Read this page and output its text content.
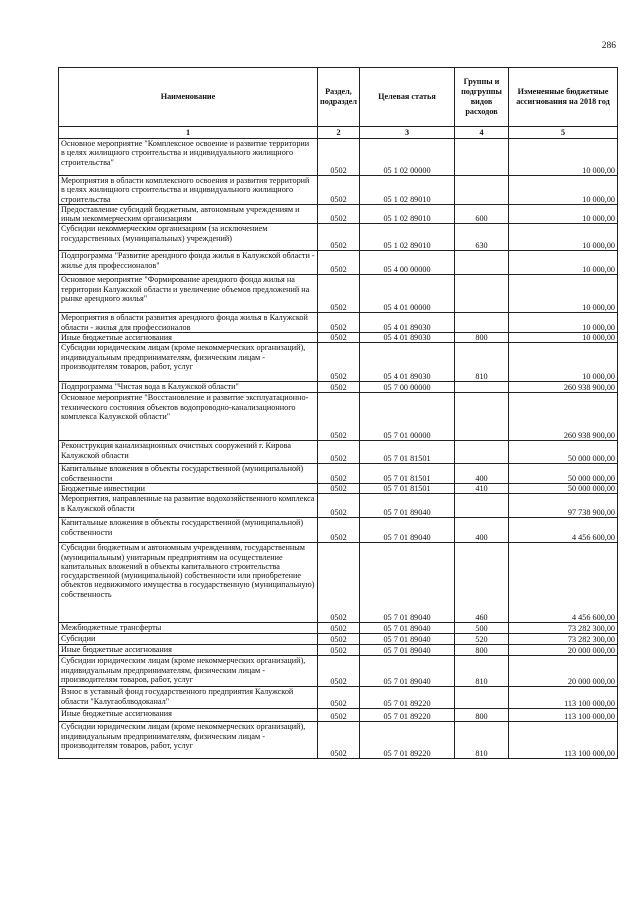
286
Наименование	Раздел, подраздел	Целевая статья	Группы и подгруппы видов расходов	Измененные бюджетные ассигнования на 2018 год
1	2	3	4	5
Основное мероприятие "Комплексное освоение и развитие территории в целях жилищного строительства и индивидуального жилищного строительства"	0502	05 1 02 00000		10 000,00
Мероприятия в области комплексного освоения и развития территорий в целях жилищного строительства и индивидуального жилищного строительства	0502	05 1 02 89010		10 000,00
Предоставление субсидий бюджетным, автономным учреждениям и иным некоммерческим организациям	0502	05 1 02 89010	600	10 000,00
Субсидии некоммерческим организациям (за исключением государственных (муниципальных) учреждений)	0502	05 1 02 89010	630	10 000,00
Подпрограмма "Развитие арендного фонда жилья в Калужской области - жилье для профессионалов"	0502	05 4 00 00000		10 000,00
Основное мероприятие "Формирование арендного фонда жилья на территории Калужской области и увеличение объемов предложений на рынке арендного жилья"	0502	05 4 01 00000		10 000,00
Мероприятия в области развития арендного фонда жилья в Калужской области - жилья для профессионалов	0502	05 4 01 89030		10 000,00
Иные бюджетные ассигнования	0502	05 4 01 89030	800	10 000,00
Субсидии юридическим лицам (кроме некоммерческих организаций), индивидуальным предпринимателям, физическим лицам - производителям товаров, работ, услуг	0502	05 4 01 89030	810	10 000,00
Подпрограмма "Чистая вода в Калужской области"	0502	05 7 00 00000		260 938 900,00
Основное мероприятие "Восстановление и развитие эксплуатационно-технического состояния объектов водопроводно-канализационного комплекса Калужской области"	0502	05 7 01 00000		260 938 900,00
Реконструкция канализационных очистных сооружений г. Кирова Калужской области	0502	05 7 01 81501		50 000 000,00
Капитальные вложения в объекты государственной (муниципальной) собственности	0502	05 7 01 81501	400	50 000 000,00
Бюджетные инвестиции	0502	05 7 01 81501	410	50 000 000,00
Мероприятия, направленные на развитие водохозяйственного комплекса в Калужской области	0502	05 7 01 89040		97 738 900,00
Капитальные вложения в объекты государственной (муниципальной) собственности	0502	05 7 01 89040	400	4 456 600,00
Субсидии бюджетным и автономным учреждениям, государственным (муниципальным) унитарным предприятиям на осуществление капитальных вложений в объекты капитального строительства государственной (муниципальной) собственности или приобретение объектов недвижимого имущества в государственную (муниципальную) собственность	0502	05 7 01 89040	460	4 456 600,00
Межбюджетные трансферты	0502	05 7 01 89040	500	73 282 300,00
Субсидии	0502	05 7 01 89040	520	73 282 300,00
Иные бюджетные ассигнования	0502	05 7 01 89040	800	20 000 000,00
Субсидии юридическим лицам (кроме некоммерческих организаций), индивидуальным предпринимателям, физическим лицам - производителям товаров, работ, услуг	0502	05 7 01 89040	810	20 000 000,00
Взнос в уставный фонд государственного предприятия Калужской области "Калугаоблводоканал"	0502	05 7 01 89220		113 100 000,00
Иные бюджетные ассигнования	0502	05 7 01 89220	800	113 100 000,00
Субсидии юридическим лицам (кроме некоммерческих организаций), индивидуальным предпринимателям, физическим лицам - производителям товаров, работ, услуг	0502	05 7 01 89220	810	113 100 000,00
